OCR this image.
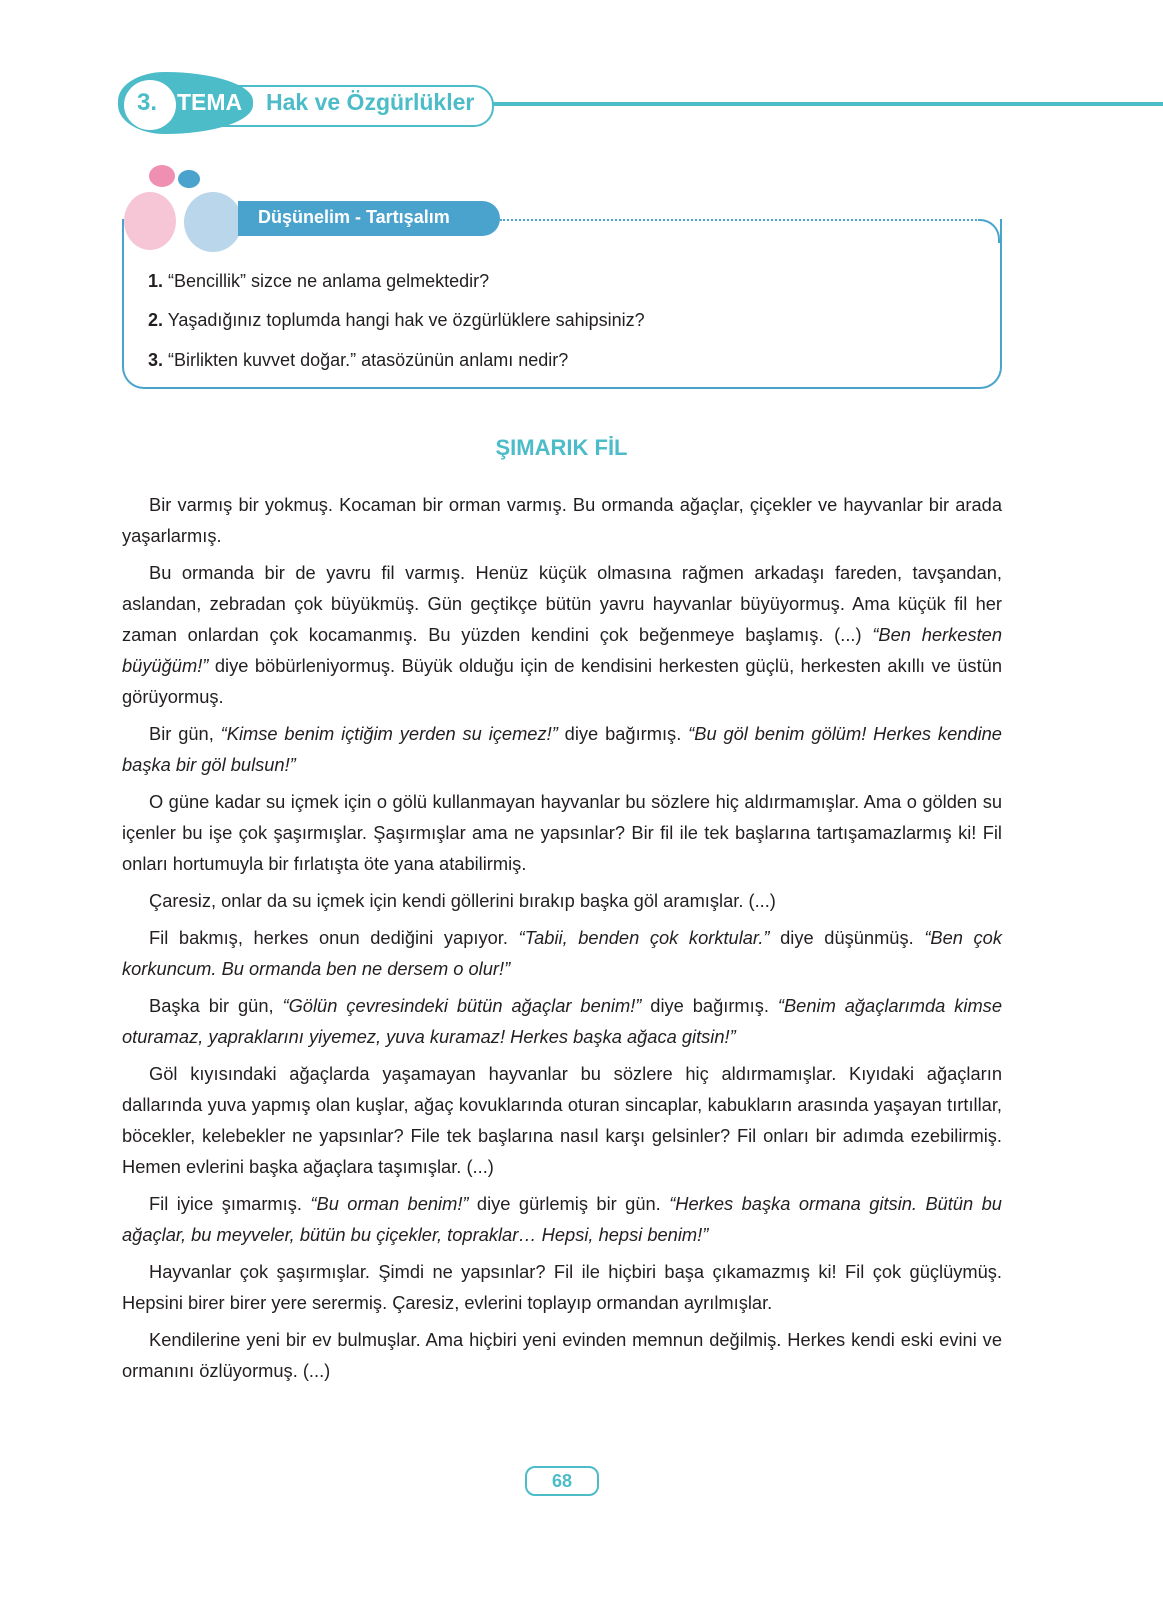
3. TEMA Hak ve Özgürlükler
Düşünelim - Tartışalım
1. “Bencillik” sizce ne anlama gelmektedir?
2. Yaşadığınız toplumda hangi hak ve özgürlüklere sahipsiniz?
3. “Birlikten kuvvet doğar.” atasözünün anlamı nedir?
ŞIMARIK FİL

Bir varmış bir yokmuş. Kocaman bir orman varmış. Bu ormanda ağaçlar, çiçekler ve hayvanlar bir arada yaşarlarmış.

Bu ormanda bir de yavru fil varmış. Henüz küçük olmasına rağmen arkadaşı fareden, tavşandan, aslandan, zebradan çok büyükmüş. Gün geçtikçe bütün yavru hayvanlar büyüyormuş. Ama küçük fil her zaman onlardan çok kocamanmış. Bu yüzden kendini çok beğenmeye başlamış. (...) “Ben herkesten büyüğüm!” diye böbürleniyormuş. Büyük olduğu için de kendisini herkesten güçlü, herkesten akıllı ve üstün görüyormuş.

Bir gün, “Kimse benim içtiğim yerden su içemez!” diye bağırmış. “Bu göl benim gölüm! Herkes kendine başka bir göl bulsun!”

O güne kadar su içmek için o gölü kullanmayan hayvanlar bu sözlere hiç aldırmamışlar. Ama o gölden su içenler bu işe çok şaşırmışlar. Şaşırmışlar ama ne yapsınlar? Bir fil ile tek başlarına tartışamazlarmış ki! Fil onları hortumuyla bir fırlatışta öte yana atabilirmiş.

Çaresiz, onlar da su içmek için kendi göllerini bırakıp başka göl aramışlar. (...)

Fil bakmış, herkes onun dediğini yapıyor. “Tabii, benden çok korktular.” diye düşünmüş. “Ben çok korkuncum. Bu ormanda ben ne dersem o olur!”

Başka bir gün, “Gölün çevresindeki bütün ağaçlar benim!” diye bağırmış. “Benim ağaçlarımda kimse oturamaz, yapraklarını yiyemez, yuva kuramaz! Herkes başka ağaca gitsin!”

Göl kıyısındaki ağaçlarda yaşamayan hayvanlar bu sözlere hiç aldırmamışlar. Kıyıdaki ağaçların dallarında yuva yapmış olan kuşlar, ağaç kovuklarında oturan sincaplar, kabukların arasında yaşayan tırtıllar, böcekler, kelebekler ne yapsınlar? File tek başlarına nasıl karşı gelsinler? Fil onları bir adımda ezebilirmiş. Hemen evlerini başka ağaçlara taşımışlar. (...)

Fil iyice şımarmış. “Bu orman benim!” diye gürlemiş bir gün. “Herkes başka ormana gitsin. Bütün bu ağaçlar, bu meyveler, bütün bu çiçekler, topraklar… Hepsi, hepsi benim!”

Hayvanlar çok şaşırmışlar. Şimdi ne yapsınlar? Fil ile hiçbiri başa çıkamazmış ki! Fil çok güçlüymüş. Hepsini birer birer yere serermiş. Çaresiz, evlerini toplayıp ormandan ayrılmışlar.

Kendilerine yeni bir ev bulmuşlar. Ama hiçbiri yeni evinden memnun değilmiş. Herkes kendi eski evini ve ormanını özlüyormuş. (...)

68
